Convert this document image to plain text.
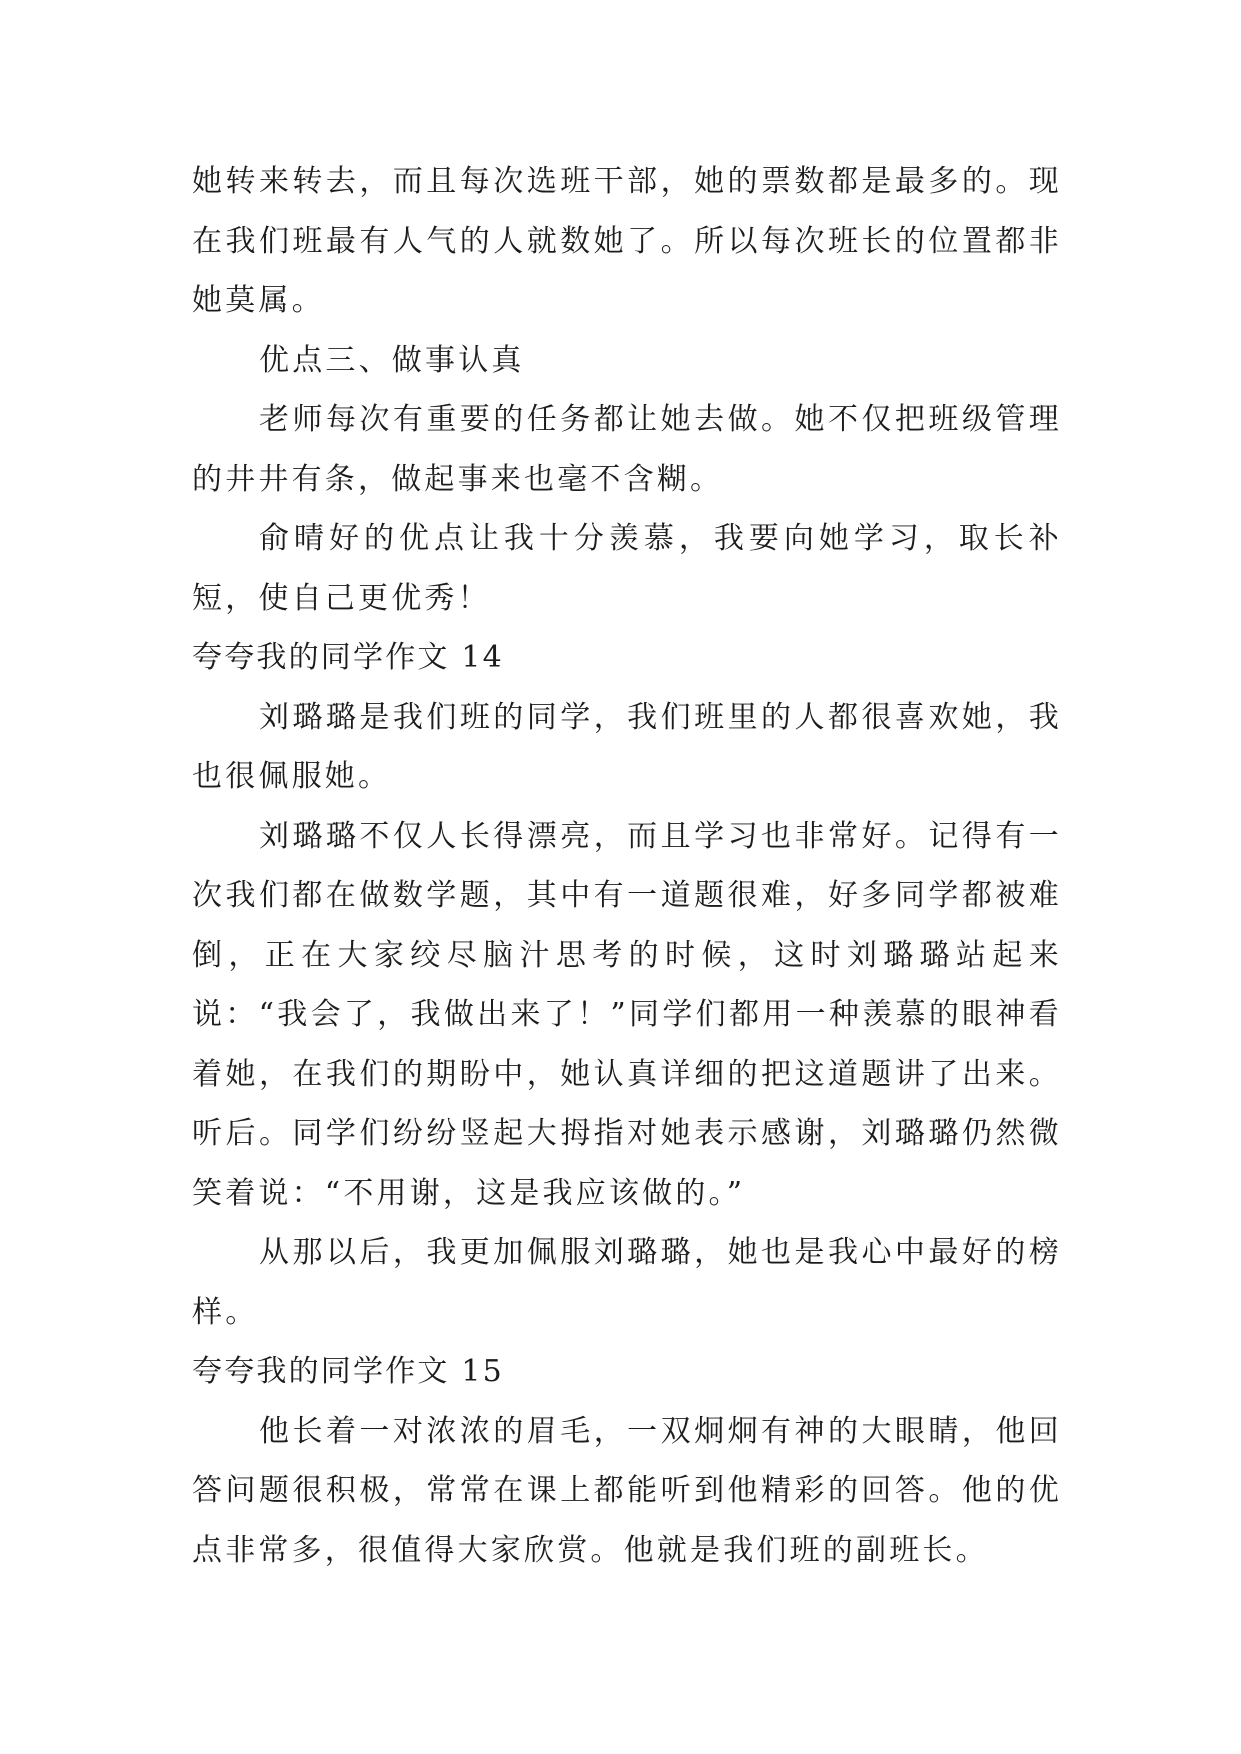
她转来转去，而且每次选班干部，她的票数都是最多的。现在我们班最有人气的人就数她了。所以每次班长的位置都非她莫属。

优点三、做事认真

老师每次有重要的任务都让她去做。她不仅把班级管理的井井有条，做起事来也毫不含糊。

俞晴好的优点让我十分羡慕，我要向她学习，取长补短，使自己更优秀！

夸夸我的同学作文 14

刘璐璐是我们班的同学，我们班里的人都很喜欢她，我也很佩服她。

刘璐璐不仅人长得漂亮，而且学习也非常好。记得有一次我们都在做数学题，其中有一道题很难，好多同学都被难倒，正在大家绞尽脑汁思考的时候，这时刘璐璐站起来说：“我会了，我做出来了！”同学们都用一种羡慕的眼神看着她，在我们的期盼中，她认真详细的把这道题讲了出来。听后。同学们纷纷竖起大拇指对她表示感谢，刘璐璐仍然微笑着说：“不用谢，这是我应该做的。”

从那以后，我更加佩服刘璐璐，她也是我心中最好的榜样。

夸夸我的同学作文 15

他长着一对浓浓的眉毛，一双炯炯有神的大眼睛，他回答问题很积极，常常在课上都能听到他精彩的回答。他的优点非常多，很值得大家欣赏。他就是我们班的副班长。
